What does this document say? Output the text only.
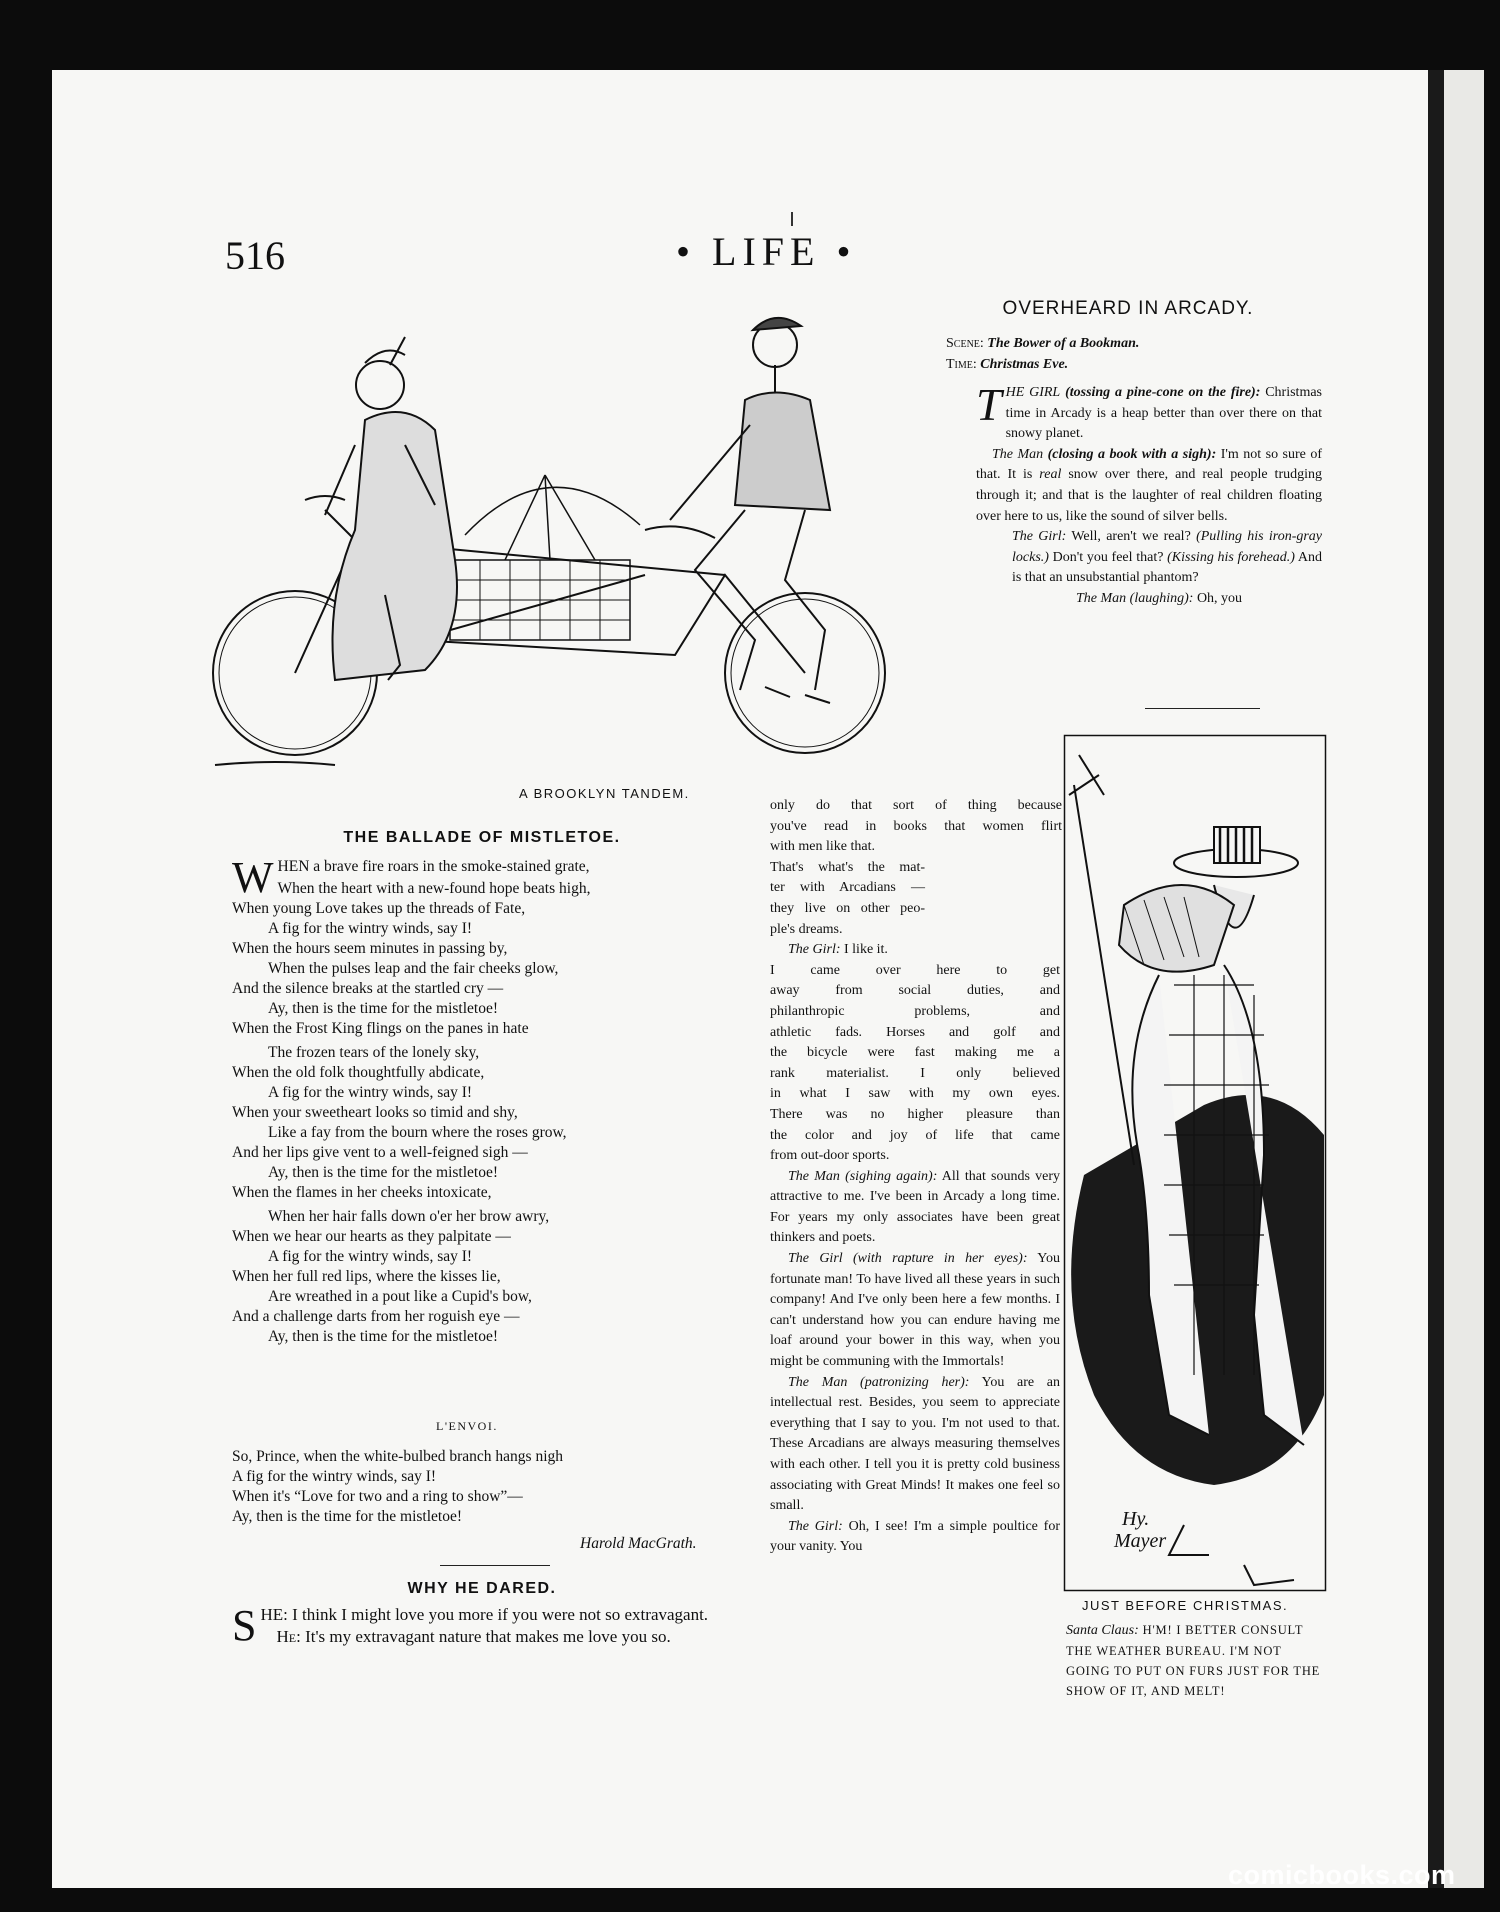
516	• LIFE •
A BROOKLYN TANDEM.
OVERHEARD IN ARCADY.
Scene: The Bower of a Bookman.
Time: Christmas Eve.

THE GIRL (tossing a pine-cone on the fire): Christmas time in Arcady is a heap better than over there on that snowy planet.

The Man (closing a book with a sigh): I'm not so sure of that. It is real snow over there, and real people trudging through it; and that is the laughter of real children floating over here to us, like the sound of silver bells.

The Girl: Well, aren't we real? (Pulling his iron-gray locks.) Don't you feel that? (Kissing his forehead.) And is that an unsubstantial phantom?

The Man (laughing): Oh, you

THE BALLADE OF MISTLETOE.
WHEN a brave fire roars in the smoke-stained grate,
When the heart with a new-found hope beats high,
When young Love takes up the threads of Fate,
A fig for the wintry winds, say I!
When the hours seem minutes in passing by,
When the pulses leap and the fair cheeks glow,
And the silence breaks at the startled cry —
Ay, then is the time for the mistletoe!
When the Frost King flings on the panes in hate
The frozen tears of the lonely sky,
When the old folk thoughtfully abdicate,
A fig for the wintry winds, say I!
When your sweetheart looks so timid and shy,
Like a fay from the bourn where the roses grow,
And her lips give vent to a well-feigned sigh —
Ay, then is the time for the mistletoe!
When the flames in her cheeks intoxicate,
When her hair falls down o'er her brow awry,
When we hear our hearts as they palpitate —
A fig for the wintry winds, say I!
When her full red lips, where the kisses lie,
Are wreathed in a pout like a Cupid's bow,
And a challenge darts from her roguish eye —
Ay, then is the time for the mistletoe!
L'ENVOI.
So, Prince, when the white-bulbed branch hangs nigh
A fig for the wintry winds, say I!
When it's “Love for two and a ring to show”—
Ay, then is the time for the mistletoe!
Harold MacGrath.
WHY HE DARED.

SHE: I think I might love you more if you were not so extravagant.

He: It's my extravagant nature that makes me love you so.

only do that sort of thing because
you've read in books that women flirt
with men like that.
That's what's the mat-
ter with Arcadians —
they live on other peo-
ple's dreams.
The Girl: I like it.
I came over here to get
away from social duties, and
philanthropic problems, and
athletic fads. Horses and golf and
the bicycle were fast making me a
rank materialist. I only believed
in what I saw with my own eyes.
There was no higher pleasure than
the color and joy of life that came
from out-door sports.

The Man (sighing again): All that sounds very attractive to me. I've been in Arcady a long time. For years my only associates have been great thinkers and poets.

The Girl (with rapture in her eyes): You fortunate man! To have lived all these years in such company! And I've only been here a few months. I can't understand how you can endure having me loaf around your bower in this way, when you might be communing with the Immortals!

The Man (patronizing her): You are an intellectual rest. Besides, you seem to appreciate everything that I say to you. I'm not used to that. These Arcadians are always measuring themselves with each other. I tell you it is pretty cold business associating with Great Minds! It makes one feel so small.

The Girl: Oh, I see! I'm a simple poultice for your vanity. You

Hy.
Mayer
JUST BEFORE CHRISTMAS.
Santa Claus: H'M! I BETTER CONSULT THE WEATHER BUREAU. I'M NOT GOING TO PUT ON FURS JUST FOR THE SHOW OF IT, AND MELT!
comicbooks.com
